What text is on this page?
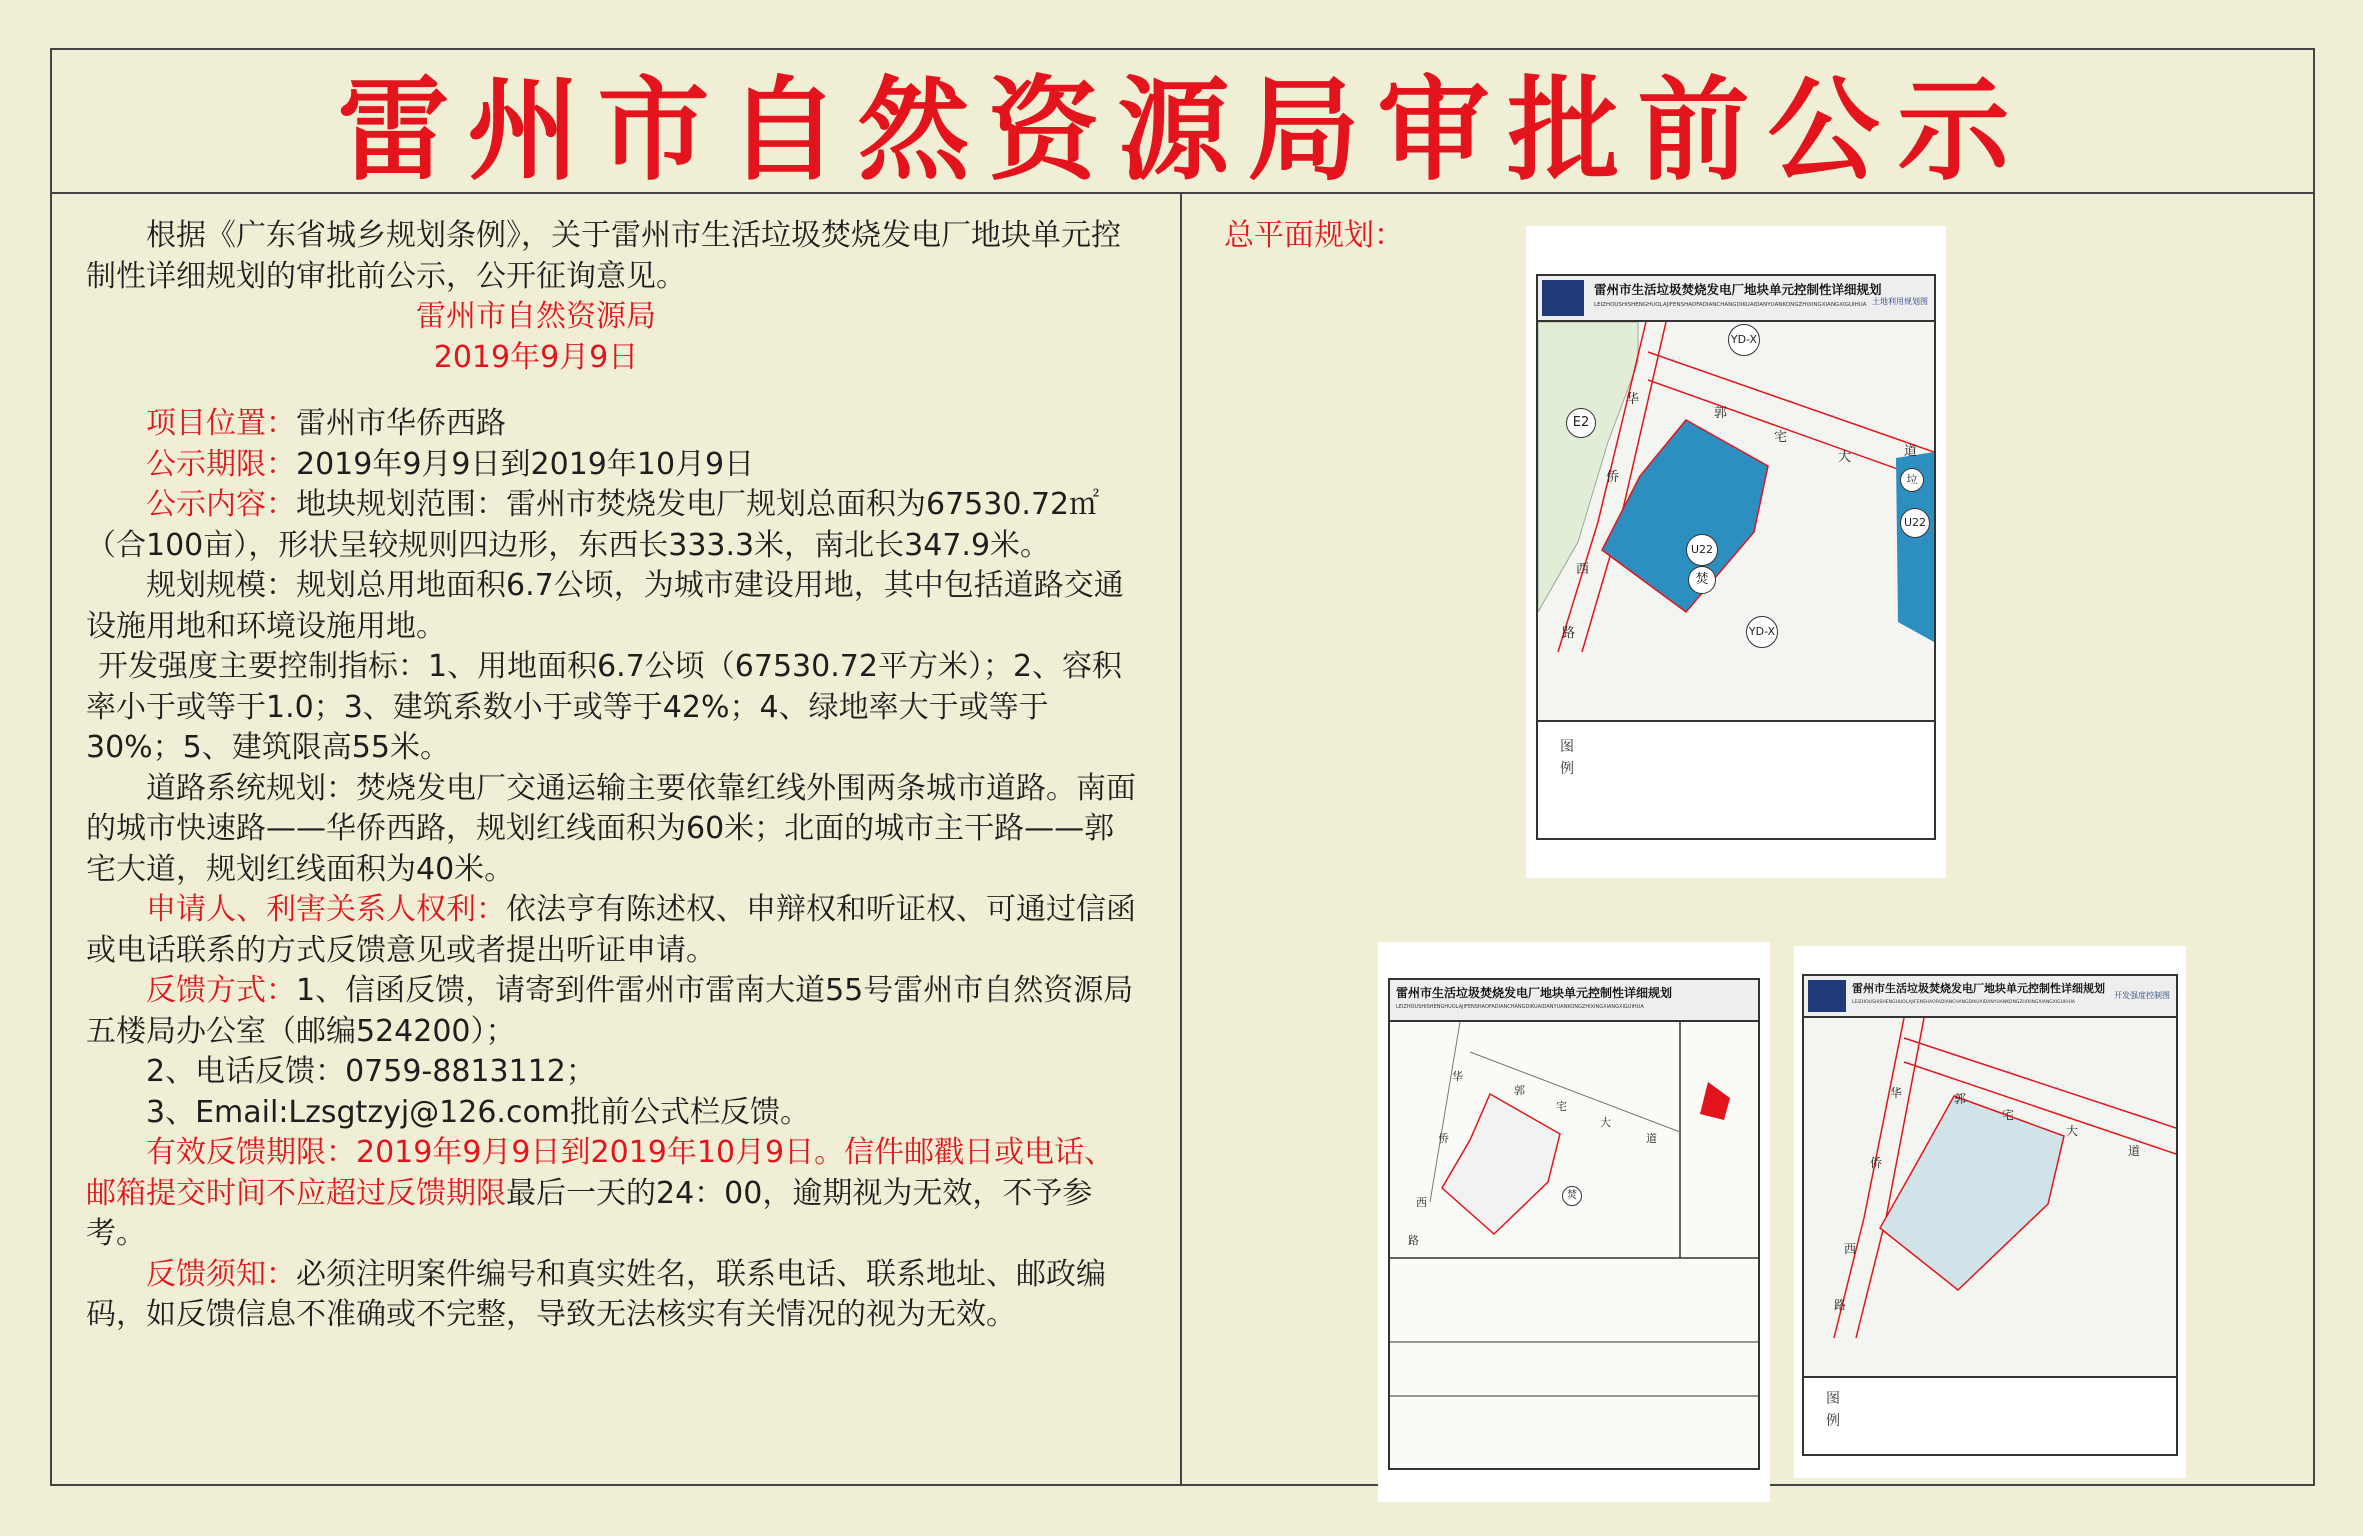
雷州市自然资源局审批前公示

根据《广东省城乡规划条例》，关于雷州市生活垃圾焚烧发电厂地块单元控制性详细规划的审批前公示，公开征询意见。

雷州市自然资源局

2019年9月9日

项目位置：雷州市华侨西路

公示期限：2019年9月9日到2019年10月9日

公示内容：地块规划范围：雷州市焚烧发电厂规划总面积为67530.72㎡（合100亩），形状呈较规则四边形，东西长333.3米，南北长347.9米。

规划规模：规划总用地面积6.7公顷，为城市建设用地，其中包括道路交通设施用地和环境设施用地。

开发强度主要控制指标：1、用地面积6.7公顷（67530.72平方米）；2、容积率小于或等于1.0；3、建筑系数小于或等于42%；4、绿地率大于或等于30%；5、建筑限高55米。

道路系统规划：焚烧发电厂交通运输主要依靠红线外围两条城市道路。南面的城市快速路——华侨西路，规划红线面积为60米；北面的城市主干路——郭宅大道，规划红线面积为40米。

申请人、利害关系人权利：依法亨有陈述权、申辩权和听证权、可通过信函或电话联系的方式反馈意见或者提出听证申请。

反馈方式：1、信函反馈，请寄到件雷州市雷南大道55号雷州市自然资源局五楼局办公室（邮编524200）；

2、电话反馈：0759-8813112；

3、Email:Lzsgtzyj@126.com批前公式栏反馈。

有效反馈期限：2019年9月9日到2019年10月9日。信件邮戳日或电话、邮箱提交时间不应超过反馈期限最后一天的24：00，逾期视为无效，不予参考。

反馈须知：必须注明案件编号和真实姓名，联系电话、联系地址、邮政编码，如反馈信息不准确或不完整，导致无法核实有关情况的视为无效。

总平面规划：
雷州市生活垃圾焚烧发电厂地块单元控制性详细规划
LEIZHOUSHISHENGHUOLAJIFENSHAOFADIANCHANGDIKUAIDANYUANKONGZHIXINGXIANGXIGUIHUA 土地利用规划图
E2
YD-X
U22
焚
YD-X
U22
垃
华
侨
西
路
郭
宅
大	道
图例
雷州市生活垃圾焚烧发电厂地块单元控制性详细规划
LEIZHOUSHISHENGHUOLAJIFENSHAOFADIANCHANGDIKUAIDANYUANKONGZHIXINGXIANGXIGUIHUA
华
侨
西
路
郭
宅
大
道
焚
雷州市生活垃圾焚烧发电厂地块单元控制性详细规划
LEIZHOUSHISHENGHUOLAJIFENSHAOFADIANCHANGDIKUAIDANYUANKONGZHIXINGXIANGXIGUIHUA
开发强度控制图
华
侨
西
路
郭
宅
大
道
图例
